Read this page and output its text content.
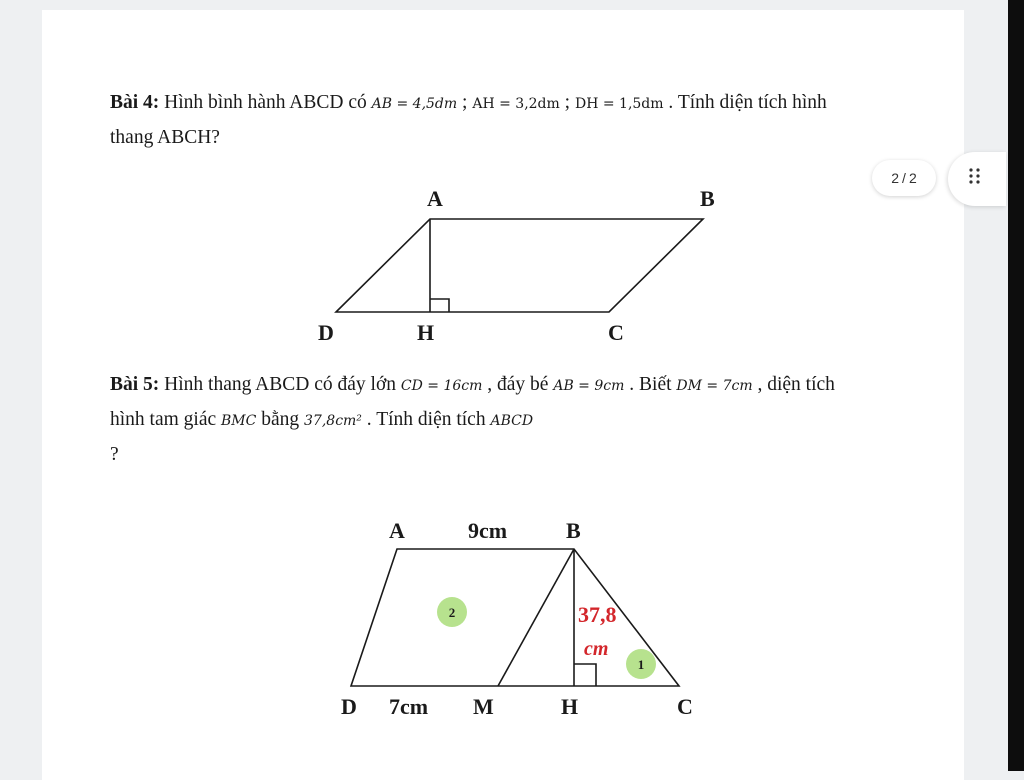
Bài 4: Hình bình hành ABCD có AB = 4,5dm ; AH = 3,2dm ; DH = 1,5dm . Tính diện tích hình thang ABCH?

Bài 5: Hình thang ABCD có đáy lớn CD = 16cm , đáy bé AB = 9cm . Biết DM = 7cm , diện tích hình tam giác BMC bằng 37,8cm² . Tính diện tích ABCD
?

2 / 2
A	B
D	H	C
2
1
A	9cm	B
D 7cm M	H	C
37,8
cm
